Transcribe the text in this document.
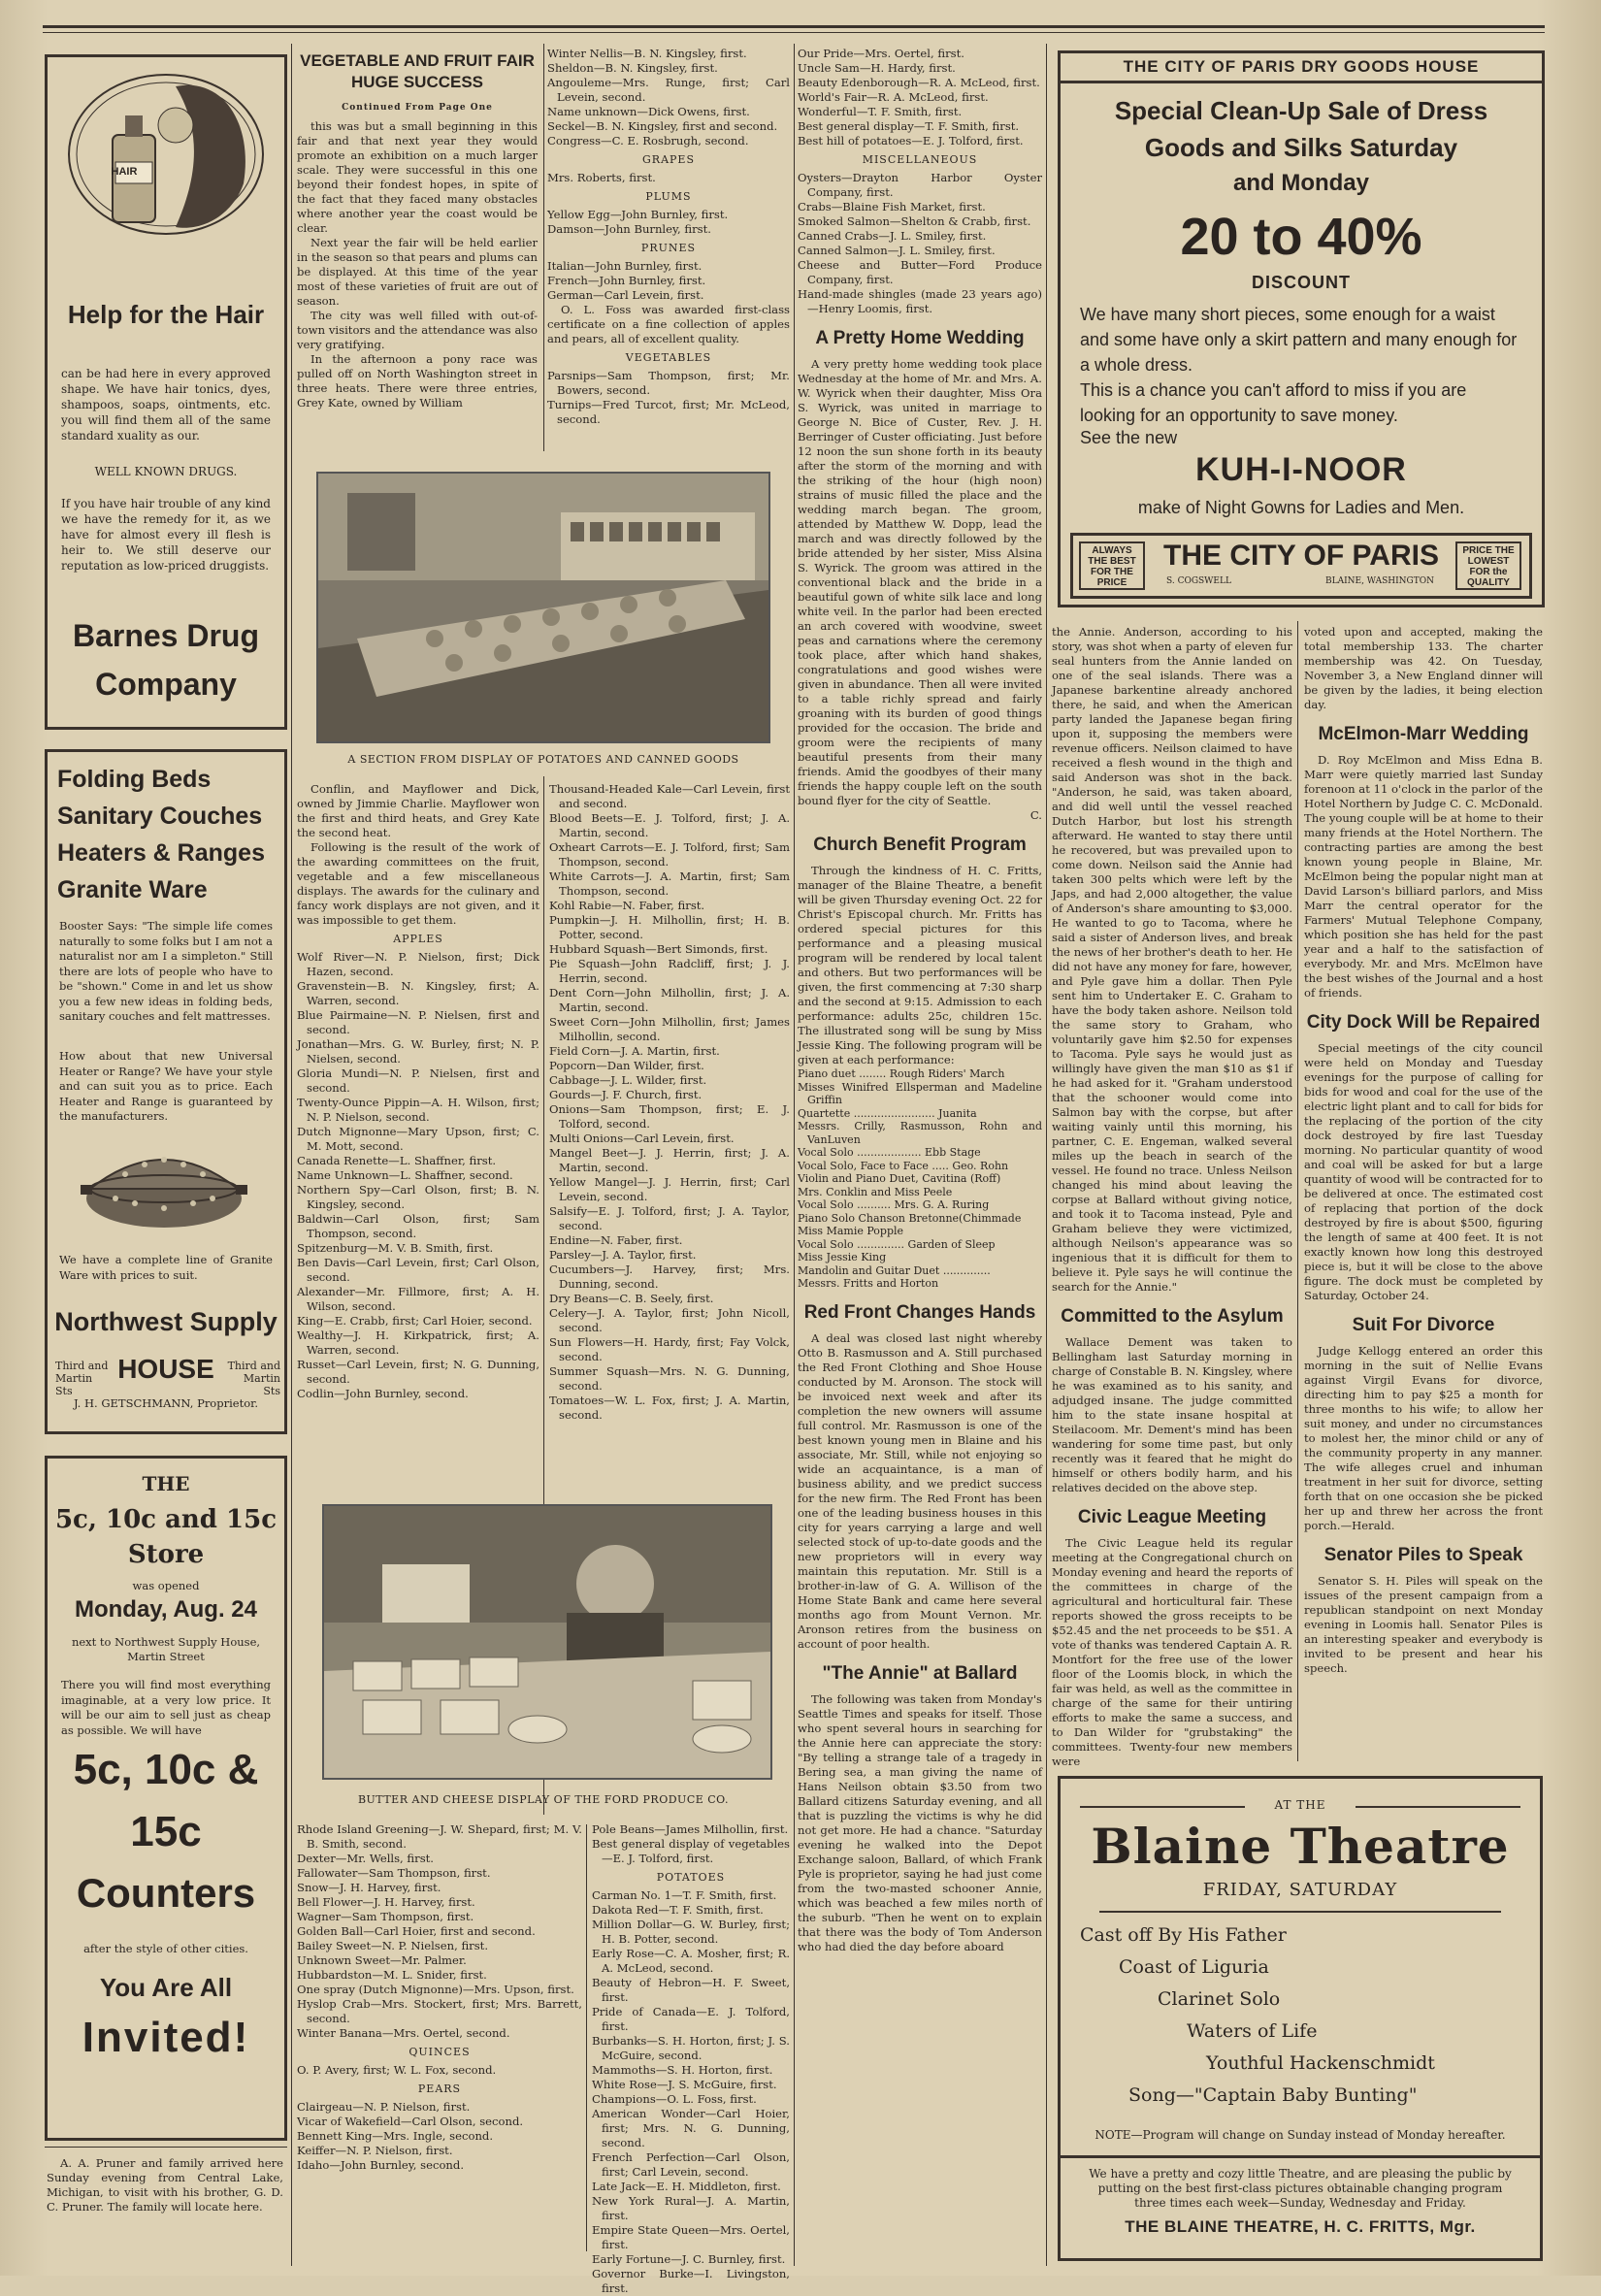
HAIR
Help for the Hair
can be had here in every approved shape. We have hair tonics, dyes, shampoos, soaps, ointments, etc. you will find them all of the same standard xuality as our.
WELL KNOWN DRUGS.
If you have hair trouble of any kind we have the remedy for it, as we have for almost every ill flesh is heir to. We still deserve our reputation as low-priced druggists.
Barnes Drug
Company
Folding Beds
Sanitary Couches
Heaters & Ranges
Granite Ware
Booster Says: "The simple life comes naturally to some folks but I am not a naturalist nor am I a simpleton." Still there are lots of people who have to be "shown." Come in and let us show you a few new ideas in folding beds, sanitary couches and felt mattresses.
How about that new Universal Heater or Range? We have your style and can suit you as to price. Each Heater and Range is guaranteed by the manufacturers.
We have a complete line of Granite Ware with prices to suit.
Northwest Supply
Third and Martin Sts
HOUSE	Third and Martin Sts
J. H. GETSCHMANN, Proprietor.
THE
5c, 10c and 15c
Store
was opened
Monday, Aug. 24
next to Northwest Supply House, Martin Street
There you will find most everything imaginable, at a very low price. It will be our aim to sell just as cheap as possible. We will have
5c, 10c &
15c
Counters
after the style of other cities.
You Are All
Invited!

A. A. Pruner and family arrived here Sunday evening from Central Lake, Michigan, to visit with his brother, G. D. C. Pruner. The family will locate here.

VEGETABLE AND FRUIT FAIR HUGE SUCCESS
Continued From Page One

this was but a small beginning in this fair and that next year they would promote an exhibition on a much larger scale. They were successful in this one beyond their fondest hopes, in spite of the fact that they faced many obstacles where another year the coast would be clear.

Next year the fair will be held earlier in the season so that pears and plums can be displayed. At this time of the year most of these varieties of fruit are out of season.

The city was well filled with out-of-town visitors and the attendance was also very gratifying.

In the afternoon a pony race was pulled off on North Washington street in three heats. There were three entries, Grey Kate, owned by William

Winter Nellis—B. N. Kingsley, first.
Sheldon—B. N. Kingsley, first.
Angouleme—Mrs. Runge, first; Carl Levein, second.
Name unknown—Dick Owens, first.
Seckel—B. N. Kingsley, first and second.
Congress—C. E. Rosbrugh, second.
GRAPES
Mrs. Roberts, first.
PLUMS
Yellow Egg—John Burnley, first.
Damson—John Burnley, first.
PRUNES
Italian—John Burnley, first.
French—John Burnley, first.
German—Carl Levein, first.

O. L. Foss was awarded first-class certificate on a fine collection of apples and pears, all of excellent quality.

VEGETABLES
Parsnips—Sam Thompson, first; Mr. Bowers, second.
Turnips—Fred Turcot, first; Mr. McLeod, second.
A SECTION FROM DISPLAY OF POTATOES AND CANNED GOODS

Conflin, and Mayflower and Dick, owned by Jimmie Charlie. Mayflower won the first and third heats, and Grey Kate the second heat.

Following is the result of the work of the awarding committees on the fruit, vegetable and a few miscellaneous displays. The awards for the culinary and fancy work displays are not given, and it was impossible to get them.

APPLES
Wolf River—N. P. Nielson, first; Dick Hazen, second.
Gravenstein—B. N. Kingsley, first; A. Warren, second.
Blue Pairmaine—N. P. Nielsen, first and second.
Jonathan—Mrs. G. W. Burley, first; N. P. Nielsen, second.
Gloria Mundi—N. P. Nielsen, first and second.
Twenty-Ounce Pippin—A. H. Wilson, first; N. P. Nielson, second.
Dutch Mignonne—Mary Upson, first; C. M. Mott, second.
Canada Renette—L. Shaffner, first.
Name Unknown—L. Shaffner, second.
Northern Spy—Carl Olson, first; B. N. Kingsley, second.
Baldwin—Carl Olson, first; Sam Thompson, second.
Spitzenburg—M. V. B. Smith, first.
Ben Davis—Carl Levein, first; Carl Olson, second.
Alexander—Mr. Fillmore, first; A. H. Wilson, second.
King—E. Crabb, first; Carl Hoier, second.
Wealthy—J. H. Kirkpatrick, first; A. Warren, second.
Russet—Carl Levein, first; N. G. Dunning, second.
Codlin—John Burnley, second.
Thousand-Headed Kale—Carl Levein, first and second.
Blood Beets—E. J. Tolford, first; J. A. Martin, second.
Oxheart Carrots—E. J. Tolford, first; Sam Thompson, second.
White Carrots—J. A. Martin, first; Sam Thompson, second.
Kohl Rabie—N. Faber, first.
Pumpkin—J. H. Milhollin, first; H. B. Potter, second.
Hubbard Squash—Bert Simonds, first.
Pie Squash—John Radcliff, first; J. J. Herrin, second.
Dent Corn—John Milhollin, first; J. A. Martin, second.
Sweet Corn—John Milhollin, first; James Milhollin, second.
Field Corn—J. A. Martin, first.
Popcorn—Dan Wilder, first.
Cabbage—J. L. Wilder, first.
Gourds—J. F. Church, first.
Onions—Sam Thompson, first; E. J. Tolford, second.
Multi Onions—Carl Levein, first.
Mangel Beet—J. J. Herrin, first; J. A. Martin, second.
Yellow Mangel—J. J. Herrin, first; Carl Levein, second.
Salsify—E. J. Tolford, first; J. A. Taylor, second.
Endine—N. Faber, first.
Parsley—J. A. Taylor, first.
Cucumbers—J. Harvey, first; Mrs. Dunning, second.
Dry Beans—C. B. Seely, first.
Celery—J. A. Taylor, first; John Nicoll, second.
Sun Flowers—H. Hardy, first; Fay Volck, second.
Summer Squash—Mrs. N. G. Dunning, second.
Tomatoes—W. L. Fox, first; J. A. Martin, second.
BUTTER AND CHEESE DISPLAY OF THE FORD PRODUCE CO.
Rhode Island Greening—J. W. Shepard, first; M. V. B. Smith, second.
Dexter—Mr. Wells, first.
Fallowater—Sam Thompson, first.
Snow—J. H. Harvey, first.
Bell Flower—J. H. Harvey, first.
Wagner—Sam Thompson, first.
Golden Ball—Carl Hoier, first and second.
Bailey Sweet—N. P. Nielsen, first.
Unknown Sweet—Mr. Palmer.
Hubbardston—M. L. Snider, first.
One spray (Dutch Mignonne)—Mrs. Upson, first.
Hyslop Crab—Mrs. Stockert, first; Mrs. Barrett, second.
Winter Banana—Mrs. Oertel, second.
QUINCES
O. P. Avery, first; W. L. Fox, second.
PEARS
Clairgeau—N. P. Nielson, first.
Vicar of Wakefield—Carl Olson, second.
Bennett King—Mrs. Ingle, second.
Keiffer—N. P. Nielson, first.
Idaho—John Burnley, second.
Pole Beans—James Milhollin, first.
Best general display of vegetables—E. J. Tolford, first.
POTATOES
Carman No. 1—T. F. Smith, first.
Dakota Red—T. F. Smith, first.
Million Dollar—G. W. Burley, first; H. B. Potter, second.
Early Rose—C. A. Mosher, first; R. A. McLeod, second.
Beauty of Hebron—H. F. Sweet, first.
Pride of Canada—E. J. Tolford, first.
Burbanks—S. H. Horton, first; J. S. McGuire, second.
Mammoths—S. H. Horton, first.
White Rose—J. S. McGuire, first.
Champions—O. L. Foss, first.
American Wonder—Carl Hoier, first; Mrs. N. G. Dunning, second.
French Perfection—Carl Olson, first; Carl Levein, second.
Late Jack—E. H. Middleton, first.
New York Rural—J. A. Martin, first.
Empire State Queen—Mrs. Oertel, first.
Early Fortune—J. C. Burnley, first.
Governor Burke—I. Livingston, first.
Our Pride—Mrs. Oertel, first.
Uncle Sam—H. Hardy, first.
Beauty Edenborough—R. A. McLeod, first.
World's Fair—R. A. McLeod, first.
Wonderful—T. F. Smith, first.
Best general display—T. F. Smith, first.
Best hill of potatoes—E. J. Tolford, first.
MISCELLANEOUS
Oysters—Drayton Harbor Oyster Company, first.
Crabs—Blaine Fish Market, first.
Smoked Salmon—Shelton & Crabb, first.
Canned Crabs—J. L. Smiley, first.
Canned Salmon—J. L. Smiley, first.
Cheese and Butter—Ford Produce Company, first.
Hand-made shingles (made 23 years ago)—Henry Loomis, first.
A Pretty Home Wedding

A very pretty home wedding took place Wednesday at the home of Mr. and Mrs. A. W. Wyrick when their daughter, Miss Ora S. Wyrick, was united in marriage to George N. Bice of Custer, Rev. J. H. Berringer of Custer officiating. Just before 12 noon the sun shone forth in its beauty after the storm of the morning and with the striking of the hour (high noon) strains of music filled the place and the wedding march began. The groom, attended by Matthew W. Dopp, lead the march and was directly followed by the bride attended by her sister, Miss Alsina S. Wyrick. The groom was attired in the conventional black and the bride in a beautiful gown of white silk lace and long white veil. In the parlor had been erected an arch covered with woodvine, sweet peas and carnations where the ceremony took place, after which hand shakes, congratulations and good wishes were given in abundance. Then all were invited to a table richly spread and fairly groaning with its burden of good things provided for the occasion. The bride and groom were the recipients of many beautiful presents from their many friends. Amid the goodbyes of their many friends the happy couple left on the south bound flyer for the city of Seattle.

C.
Church Benefit Program

Through the kindness of H. C. Fritts, manager of the Blaine Theatre, a benefit will be given Thursday evening Oct. 22 for Christ's Episcopal church. Mr. Fritts has ordered special pictures for this performance and a pleasing musical program will be rendered by local talent and others. But two performances will be given, the first commencing at 7:30 sharp and the second at 9:15. Admission to each performance: adults 25c, children 15c. The illustrated song will be sung by Miss Jessie King. The following program will be given at each performance:

Piano duet ........ Rough Riders' March
Misses Winifred Ellsperman and Madeline Griffin
Quartette ........................ Juanita
Messrs. Crilly, Rasmusson, Rohn and VanLuven
Vocal Solo ................... Ebb Stage
Vocal Solo, Face to Face ..... Geo. Rohn
Violin and Piano Duet, Cavitina (Roff)
Mrs. Conklin and Miss Peele
Vocal Solo .......... Mrs. G. A. Ruring
Piano Solo Chanson Bretonne(Chimmade
Miss Mamie Popple
Vocal Solo .............. Garden of Sleep
Miss Jessie King
Mandolin and Guitar Duet ..............
Messrs. Fritts and Horton
Red Front Changes Hands

A deal was closed last night whereby Otto B. Rasmusson and A. Still purchased the Red Front Clothing and Shoe House conducted by M. Aronson. The stock will be invoiced next week and after its completion the new owners will assume full control. Mr. Rasmusson is one of the best known young men in Blaine and his associate, Mr. Still, while not enjoying so wide an acquaintance, is a man of business ability, and we predict success for the new firm. The Red Front has been one of the leading business houses in this city for years carrying a large and well selected stock of up-to-date goods and the new proprietors will in every way maintain this reputation. Mr. Still is a brother-in-law of G. A. Willison of the Home State Bank and came here several months ago from Mount Vernon. Mr. Aronson retires from the business on account of poor health.

"The Annie" at Ballard

The following was taken from Monday's Seattle Times and speaks for itself. Those who spent several hours in searching for the Annie here can appreciate the story: "By telling a strange tale of a tragedy in Bering sea, a man giving the name of Hans Neilson obtain $3.50 from two Ballard citizens Saturday evening, and all that is puzzling the victims is why he did not get more. He had a chance. "Saturday evening he walked into the Depot Exchange saloon, Ballard, of which Frank Pyle is proprietor, saying he had just come from the two-masted schooner Annie, which was beached a few miles north of the suburb. "Then he went on to explain that there was the body of Tom Anderson who had died the day before aboard

THE CITY OF PARIS DRY GOODS HOUSE
Special Clean-Up Sale of Dress
Goods and Silks Saturday
and Monday
20 to 40%
DISCOUNT
We have many short pieces, some enough for a waist and some have only a skirt pattern and many enough for a whole dress.
This is a chance you can't afford to miss if you are looking for an opportunity to save money.
See the new
KUH-I-NOOR
make of Night Gowns for Ladies and Men.
ALWAYS THE BEST FOR THE PRICE
THE CITY OF PARIS
S. COGSWELL	BLAINE, WASHINGTON
PRICE THE LOWEST FOR the QUALITY

the Annie. Anderson, according to his story, was shot when a party of eleven fur seal hunters from the Annie landed on one of the seal islands. There was a Japanese barkentine already anchored there, he said, and when the American party landed the Japanese began firing upon it, supposing the members were revenue officers. Neilson claimed to have received a flesh wound in the thigh and said Anderson was shot in the back. "Anderson, he said, was taken aboard, and did well until the vessel reached Dutch Harbor, but lost his strength afterward. He wanted to stay there until he recovered, but was prevailed upon to come down. Neilson said the Annie had taken 300 pelts which were left by the Japs, and had 2,000 altogether, the value of Anderson's share amounting to $3,000. He wanted to go to Tacoma, where he said a sister of Anderson lives, and break the news of her brother's death to her. He did not have any money for fare, however, and Pyle gave him a dollar. Then Pyle sent him to Undertaker E. C. Graham to have the body taken ashore. Neilson told the same story to Graham, who voluntarily gave him $2.50 for expenses to Tacoma. Pyle says he would just as willingly have given the man $10 as $1 if he had asked for it. "Graham understood that the schooner would come into Salmon bay with the corpse, but after waiting vainly until this morning, his partner, C. E. Engeman, walked several miles up the beach in search of the vessel. He found no trace. Unless Neilson changed his mind about leaving the corpse at Ballard without giving notice, and took it to Tacoma instead, Pyle and Graham believe they were victimized, although Neilson's appearance was so ingenious that it is difficult for them to believe it. Pyle says he will continue the search for the Annie."

Committed to the Asylum

Wallace Dement was taken to Bellingham last Saturday morning in charge of Constable B. N. Kingsley, where he was examined as to his sanity, and adjudged insane. The judge committed him to the state insane hospital at Steilacoom. Mr. Dement's mind has been wandering for some time past, but only recently was it feared that he might do himself or others bodily harm, and his relatives decided on the above step.

Civic League Meeting

The Civic League held its regular meeting at the Congregational church on Monday evening and heard the reports of the committees in charge of the agricultural and horticultural fair. These reports showed the gross receipts to be $52.45 and the net proceeds to be $51. A vote of thanks was tendered Captain A. R. Montfort for the free use of the lower floor of the Loomis block, in which the fair was held, as well as the committee in charge of the same for their untiring efforts to make the same a success, and to Dan Wilder for "grubstaking" the committees. Twenty-four new members were

voted upon and accepted, making the total membership 133. The charter membership was 42. On Tuesday, November 3, a New England dinner will be given by the ladies, it being election day.

McElmon-Marr Wedding

D. Roy McElmon and Miss Edna B. Marr were quietly married last Sunday forenoon at 11 o'clock in the parlor of the Hotel Northern by Judge C. C. McDonald. The young couple will be at home to their many friends at the Hotel Northern. The contracting parties are among the best known young people in Blaine, Mr. McElmon being the popular night man at David Larson's billiard parlors, and Miss Marr the central operator for the Farmers' Mutual Telephone Company, which position she has held for the past year and a half to the satisfaction of everybody. Mr. and Mrs. McElmon have the best wishes of the Journal and a host of friends.

City Dock Will be Repaired

Special meetings of the city council were held on Monday and Tuesday evenings for the purpose of calling for bids for wood and coal for the use of the electric light plant and to call for bids for the replacing of the portion of the city dock destroyed by fire last Tuesday morning. No particular quantity of wood and coal will be asked for but a large quantity of wood will be contracted for to be delivered at once. The estimated cost of replacing that portion of the dock destroyed by fire is about $500, figuring the length of same at 400 feet. It is not exactly known how long this destroyed piece is, but it will be close to the above figure. The dock must be completed by Saturday, October 24.

Suit For Divorce

Judge Kellogg entered an order this morning in the suit of Nellie Evans against Virgil Evans for divorce, directing him to pay $25 a month for three months to his wife; to allow her suit money, and under no circumstances to molest her, the minor child or any of the community property in any manner. The wife alleges cruel and inhuman treatment in her suit for divorce, setting forth that on one occasion she be picked her up and threw her across the front porch.—Herald.

Senator Piles to Speak

Senator S. H. Piles will speak on the issues of the present campaign from a republican standpoint on next Monday evening in Loomis hall. Senator Piles is an interesting speaker and everybody is invited to be present and hear his speech.

AT THE
Blaine Theatre
FRIDAY, SATURDAY
Cast off By His Father
Coast of Liguria
Clarinet Solo
Waters of Life
Youthful Hackenschmidt
Song—"Captain Baby Bunting"
NOTE—Program will change on Sunday instead of Monday hereafter.
We have a pretty and cozy little Theatre, and are pleasing the public by putting on the best first-class pictures obtainable changing program three times each week—Sunday, Wednesday and Friday.
THE BLAINE THEATRE, H. C. FRITTS, Mgr.
